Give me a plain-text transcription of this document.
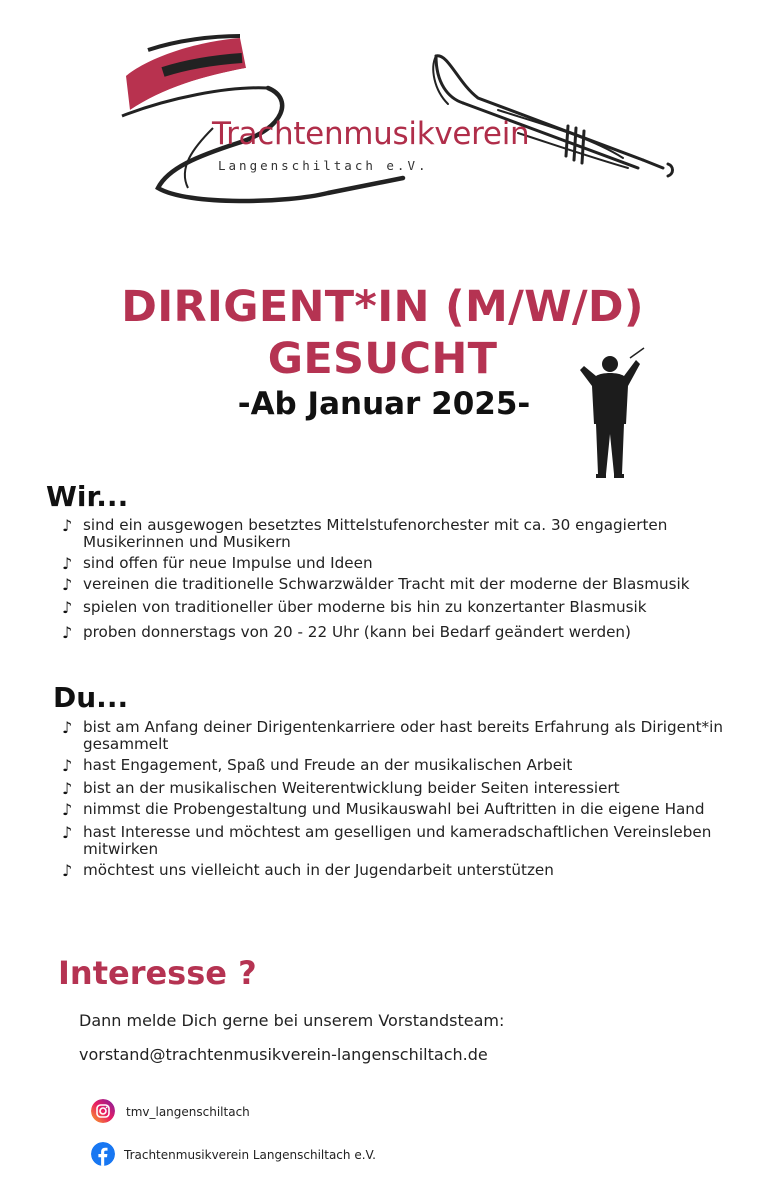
Trachtenmusikverein
Langenschiltach e.V.
DIRIGENT*IN (M/W/D)
GESUCHT
-Ab Januar 2025-
Wir...
♪ sind ein ausgewogen besetztes Mittelstufenorchester mit ca. 30 engagierten Musikerinnen und Musikern
♪ sind offen für neue Impulse und Ideen
♪ vereinen die traditionelle Schwarzwälder Tracht mit der moderne der Blasmusik
♪ spielen von traditioneller über moderne bis hin zu konzertanter Blasmusik
♪ proben donnerstags von 20 - 22 Uhr (kann bei Bedarf geändert werden)
Du...
♪ bist am Anfang deiner Dirigentenkarriere oder hast bereits Erfahrung als Dirigent*in gesammelt
♪ hast Engagement, Spaß und Freude an der musikalischen Arbeit
♪ bist an der musikalischen Weiterentwicklung beider Seiten interessiert
♪ nimmst die Probengestaltung und Musikauswahl bei Auftritten in die eigene Hand
♪ hast Interesse und möchtest am geselligen und kameradschaftlichen Vereinsleben mitwirken
♪ möchtest uns vielleicht auch in der Jugendarbeit unterstützen
Interesse ?
Dann melde Dich gerne bei unserem Vorstandsteam:
vorstand@trachtenmusikverein-langenschiltach.de
tmv_langenschiltach
Trachtenmusikverein Langenschiltach e.V.
